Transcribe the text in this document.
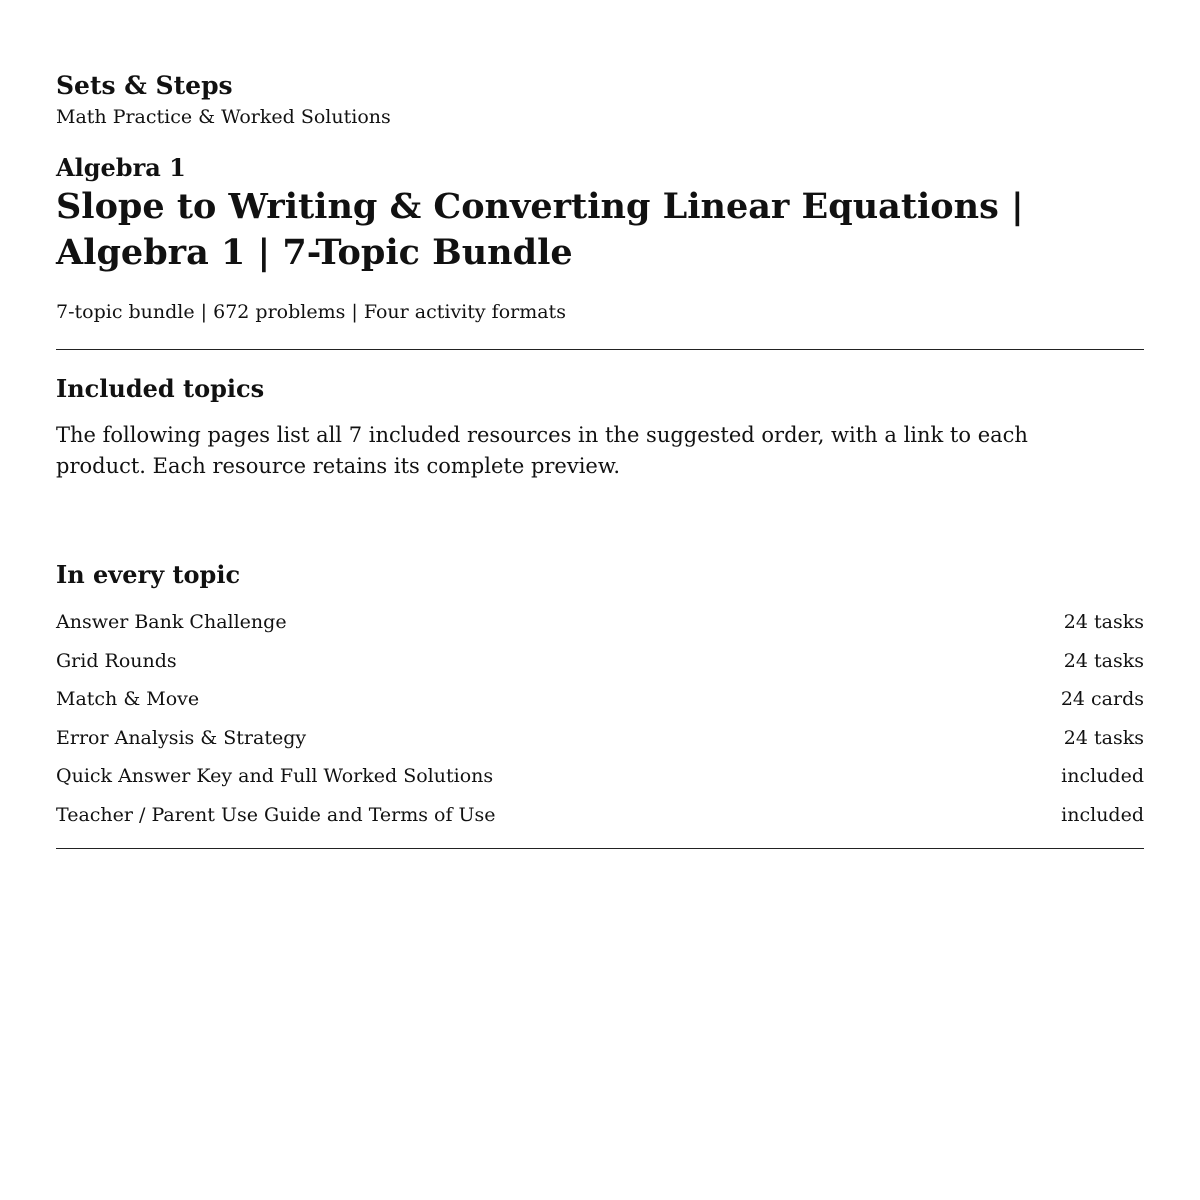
Sets & Steps
Math Practice & Worked Solutions
Algebra 1
Slope to Writing & Converting Linear Equations | Algebra 1 | 7-Topic Bundle
7-topic bundle | 672 problems | Four activity formats
Included topics

The following pages list all 7 included resources in the suggested order, with a link to each product. Each resource retains its complete preview.

In every topic
Answer Bank Challenge	24 tasks
Grid Rounds	24 tasks
Match & Move	24 cards
Error Analysis & Strategy	24 tasks
Quick Answer Key and Full Worked Solutions	included
Teacher / Parent Use Guide and Terms of Use	included
